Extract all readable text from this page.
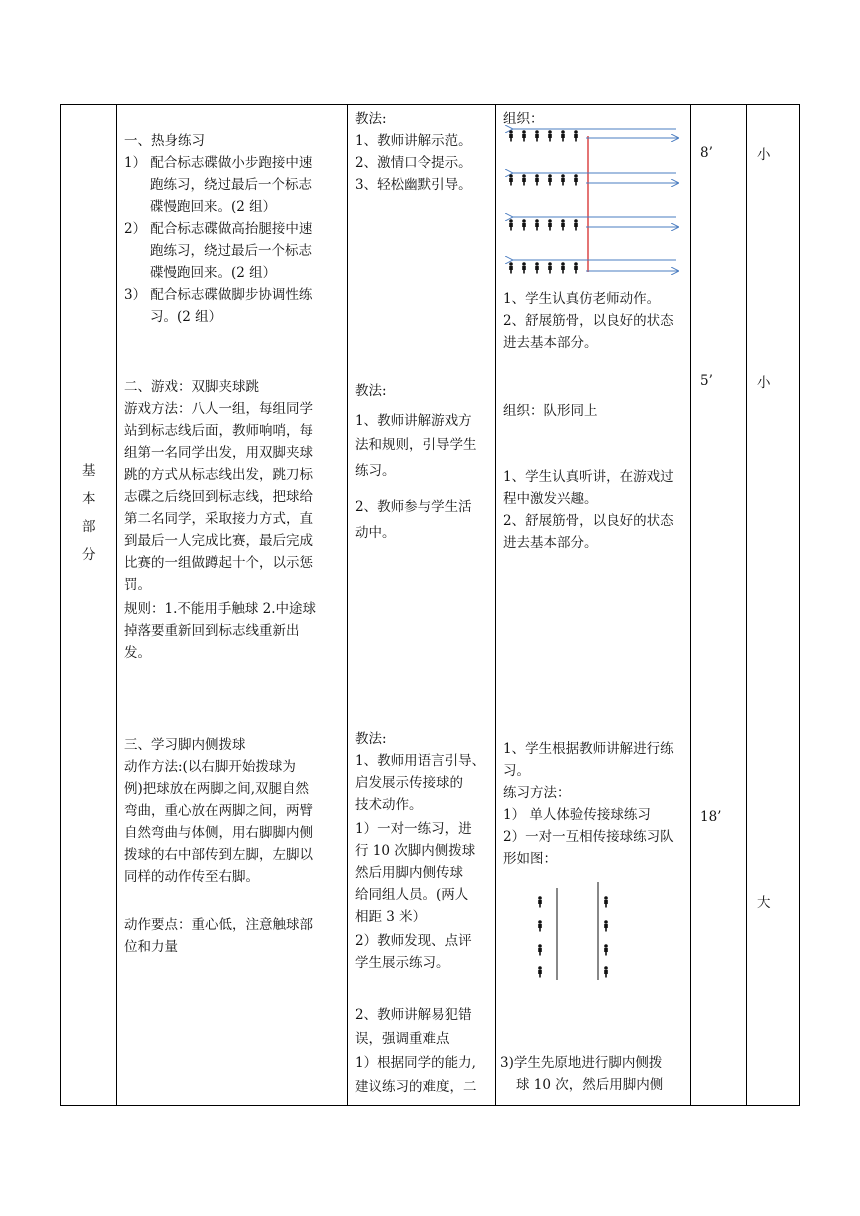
基
本
部
分
一、热身练习
1） 配合标志碟做小步跑接中速
跑练习，绕过最后一个标志
碟慢跑回来。(2 组）
2） 配合标志碟做高抬腿接中速
跑练习，绕过最后一个标志
碟慢跑回来。(2 组）
3） 配合标志碟做脚步协调性练
习。(2 组）
二、游戏：双脚夹球跳
游戏方法：八人一组，每组同学
站到标志线后面，教师响哨，每
组第一名同学出发，用双脚夹球
跳的方式从标志线出发，跳刀标
志碟之后绕回到标志线，把球给
第二名同学，采取接力方式，直
到最后一人完成比赛，最后完成
比赛的一组做蹲起十个，以示惩
罚。
规则：1.不能用手触球 2.中途球
掉落要重新回到标志线重新出
发。
三、学习脚内侧拨球
动作方法:(以右脚开始拨球为
例)把球放在两脚之间,双腿自然
弯曲，重心放在两脚之间，两臂
自然弯曲与体侧，用右脚脚内侧
拨球的右中部传到左脚，左脚以
同样的动作传至右脚。
动作要点：重心低，注意触球部
位和力量
教法:
1、教师讲解示范。
2、激情口令提示。
3、轻松幽默引导。
教法:
1、教师讲解游戏方
法和规则，引导学生
练习。
2、教师参与学生活
动中。
教法:
1、教师用语言引导、
启发展示传接球的
技术动作。
1）一对一练习，进
行 10 次脚内侧拨球
然后用脚内侧传球
给同组人员。(两人
相距 3 米）
2）教师发现、点评
学生展示练习。
2、教师讲解易犯错
误，强调重难点
1）根据同学的能力,
建议练习的难度，二
组织：
1、学生认真仿老师动作。
2、舒展筋骨，以良好的状态
进去基本部分。
组织：队形同上
1、学生认真听讲，在游戏过
程中激发兴趣。
2、舒展筋骨，以良好的状态
进去基本部分。
1、学生根据教师讲解进行练
习。
练习方法：
1） 单人体验传接球练习
2）一对一互相传接球练习队
形如图：
3)学生先原地进行脚内侧拨
球 10 次，然后用脚内侧
8’
5’
18’
小
小
大
